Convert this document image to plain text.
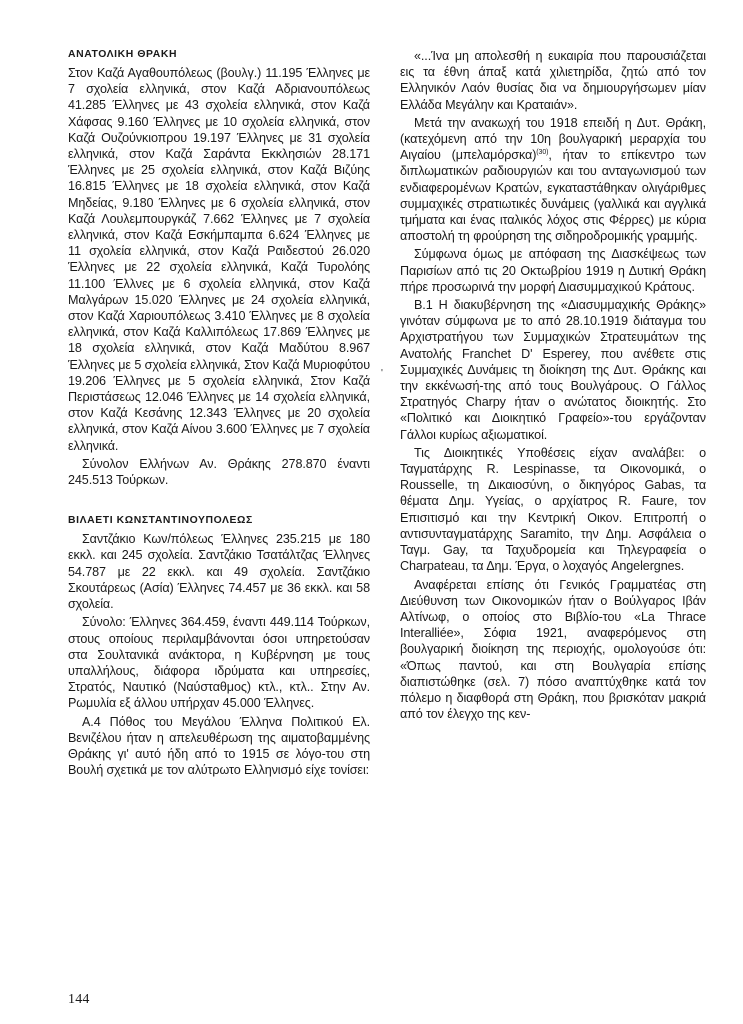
ΑΝΑΤΟΛΙΚΗ ΘΡΑΚΗ

Στον Καζά Αγαθουπόλεως (βουλγ.) 11.195 Έλληνες με 7 σχολεία ελληνικά, στον Καζά Αδριανουπόλεως 41.285 Έλληνες με 43 σχολεία ελληνικά, στον Καζά Χάφσας 9.160 Έλληνες με 10 σχολεία ελληνικά, στον Καζά Ουζούνκιοπρου 19.197 Έλληνες με 31 σχολεία ελληνικά, στον Καζά Σαράντα Εκκλησιών 28.171 Έλληνες με 25 σχολεία ελληνικά, στον Καζά Βιζύης 16.815 Έλληνες με 18 σχολεία ελληνικά, στον Καζά Μηδείας, 9.180 Έλληνες με 6 σχολεία ελληνικά, στον Καζά Λουλεμπουργκάζ 7.662 Έλληνες με 7 σχολεία ελληνικά, στον Καζά Εσκήμπαμπα 6.624 Έλληνες με 11 σχολεία ελληνικά, στον Καζά Ραιδεστού 26.020 Έλληνες με 22 σχολεία ελληνικά, Καζά Τυρολόης 11.100 Έλλνες με 6 σχολεία ελληνικά, στον Καζά Μαλγάρων 15.020 Έλληνες με 24 σχολεία ελληνικά, στον Καζά Χαριουπόλεως 3.410 Έλληνες με 8 σχολεία ελληνικά, στον Καζά Καλλιπόλεως 17.869 Έλληνες με 18 σχολεία ελληνικά, στον Καζά Μαδύτου 8.967 Έλληνες με 5 σχολεία ελληνικά, Στον Καζά Μυριοφύτου 19.206 Έλληνες με 5 σχολεία ελληνικά, Στον Καζά Περιστάσεως 12.046 Έλληνες με 14 σχολεία ελληνικά, στον Καζά Κεσάνης 12.343 Έλληνες με 20 σχολεία ελληνικά, στον Καζά Αίνου 3.600 Έλληνες με 7 σχολεία ελληνικά.

Σύνολον Ελλήνων Αν. Θράκης 278.870 έναντι 245.513 Τούρκων.

ΒΙΛΑΕΤΙ ΚΩΝΣΤΑΝΤΙΝΟΥΠΟΛΕΩΣ

Σαντζάκιο Κων/πόλεως Έλληνες 235.215 με 180 εκκλ. και 245 σχολεία. Σαντζάκιο Τσατάλτζας Έλληνες 54.787 με 22 εκκλ. και 49 σχολεία. Σαντζάκιο Σκουτάρεως (Ασία) Έλληνες 74.457 με 36 εκκλ. και 58 σχολεία.

Σύνολο: Έλληνες 364.459, έναντι 449.114 Τούρκων, στους οποίους περιλαμβάνονται όσοι υπηρετούσαν στα Σουλτανικά ανάκτορα, η Κυβέρνηση με τους υπαλλήλους, διάφορα ιδρύματα και υπηρεσίες, Στρατός, Ναυτικό (Ναύσταθμος) κτλ., κτλ.. Στην Αν. Ρωμυλία εξ άλλου υπήρχαν 45.000 Έλληνες.

Α.4 Πόθος του Μεγάλου Έλληνα Πολιτικού Ελ. Βενιζέλου ήταν η απελευθέρωση της αιματοβαμμένης Θράκης γι' αυτό ήδη από το 1915 σε λόγο-του στη Βουλή σχετικά με τον αλύτρωτο Ελληνισμό είχε τονίσει:

'

«...Ίνα μη απολεσθή η ευκαιρία που παρουσιάζεται εις τα έθνη άπαξ κατά χιλιετηρίδα, ζητώ από τον Ελληνικόν Λαόν θυσίας δια να δημιουργήσωμεν μίαν Ελλάδα Μεγάλην και Κραταιάν».

Μετά την ανακωχή του 1918 επειδή η Δυτ. Θράκη, (κατεχόμενη από την 10η βουλγαρική μεραρχία του Αιγαίου $(\mu\pi\varepsilon\lambda\alpha\mu ό\rho\sigma\kappa\alpha)^{(30)}$, ήταν το επίκεντρο των διπλωματικών ραδιουργιών και του ανταγωνισμού των ενδιαφερομένων Κρατών, εγκαταστάθηκαν ολιγάριθμες συμμαχικές στρατιωτικές δυνάμεις (γαλλικά και αγγλικά τμήματα και ένας ιταλικός λόχος στις Φέρρες) με κύρια αποστολή τη φρούρηση της σιδηροδρομικής γραμμής.

Σύμφωνα όμως με απόφαση της Διασκέψεως των Παρισίων από τις 20 Οκτωβρίου 1919 η Δυτική Θράκη πήρε προσωρινά την μορφή Διασυμμαχικού Κράτους.

Β.1 Η διακυβέρνηση της «Διασυμμαχικής Θράκης» γινόταν σύμφωνα με το από 28.10.1919 διάταγμα του Αρχιστρατήγου των Συμμαχικών Στρατευμάτων της Ανατολής Franchet D' Esperey, που ανέθετε στις Συμμαχικές Δυνάμεις τη διοίκηση της Δυτ. Θράκης και την εκκένωσή-της από τους Βουλγάρους. Ο Γάλλος Στρατηγός Charpy ήταν ο ανώτατος διοικητής. Στο «Πολιτικό και Διοικητικό Γραφείο»-του εργάζονταν Γάλλοι κυρίως αξιωματικοί.

Τις Διοικητικές Υποθέσεις είχαν αναλάβει: ο Ταγματάρχης R. Lespinasse, τα Οικονομικά, ο Rousselle, τη Δικαιοσύνη, ο δικηγόρος Gabas, τα θέματα Δημ. Υγείας, ο αρχίατρος R. Faure, τον Επισιτισμό και την Κεντρική Οικον. Επιτροπή ο αντισυνταγματάρχης Saramito, την Δημ. Ασφάλεια ο Ταγμ. Gay, τα Ταχυδρομεία και Τηλεγραφεία ο Charpateau, τα Δημ. Έργα, ο λοχαγός Angelergnes.

Αναφέρεται επίσης ότι Γενικός Γραμματέας στη Διεύθυνση των Οικονομικών ήταν ο Βούλγαρος Ιβάν Αλτίνωφ, ο οποίος στο Βιβλίο-του «La Thrace Interalliée», Σόφια 1921, αναφερόμενος στη βουλγαρική διοίκηση της περιοχής, ομολογούσε ότι: «Όπως παντού, και στη Βουλγαρία επίσης διαπιστώθηκε (σελ. 7) πόσο αναπτύχθηκε κατά τον πόλεμο η διαφθορά στη Θράκη, που βρισκόταν μακριά από τον έλεγχο της κεν-

144
